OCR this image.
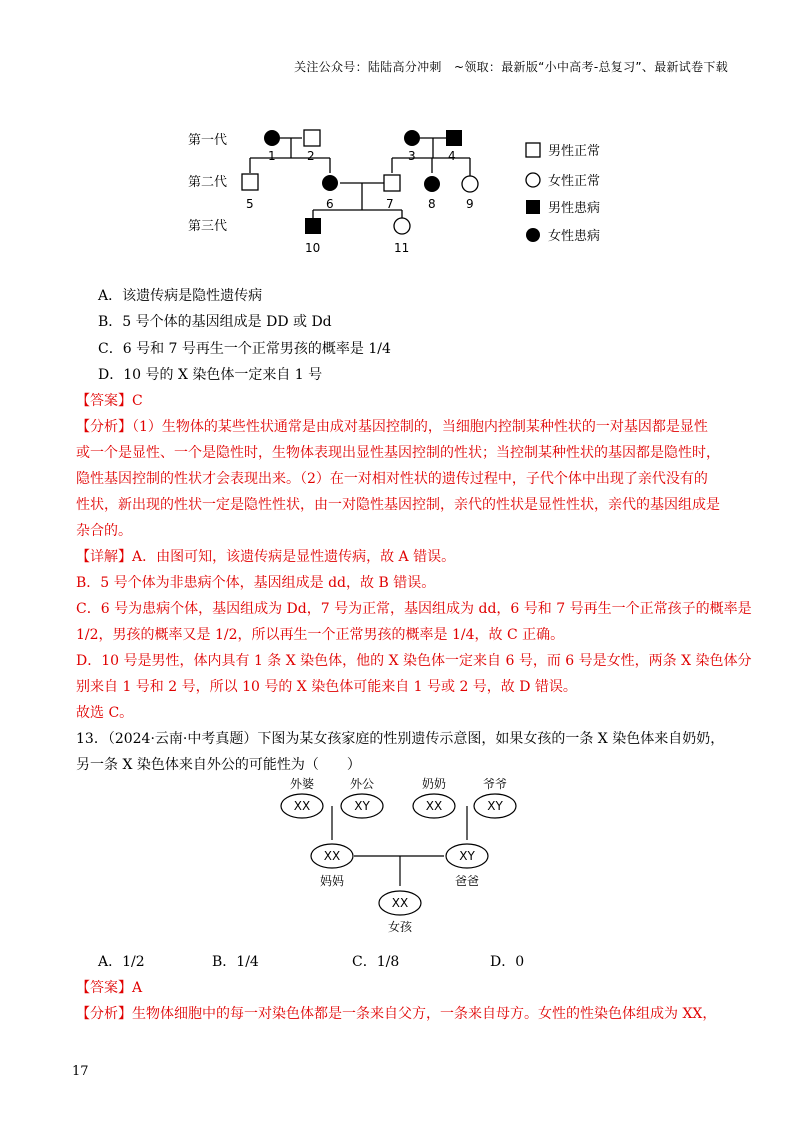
关注公众号：陆陆高分冲刺　~领取：最新版“小中高考-总复习”、最新试卷下载
第一代
第二代
第三代
1	2	3	4
5	6	7	8	9
10	11
男性正常
女性正常
男性患病
女性患病
A．该遗传病是隐性遗传病
B．5 号个体的基因组成是 DD 或 Dd
C．6 号和 7 号再生一个正常男孩的概率是 1/4
D．10 号的 X 染色体一定来自 1 号
【答案】C
【分析】（1）生物体的某些性状通常是由成对基因控制的，当细胞内控制某种性状的一对基因都是显性
或一个是显性、一个是隐性时，生物体表现出显性基因控制的性状；当控制某种性状的基因都是隐性时，
隐性基因控制的性状才会表现出来。（2）在一对相对性状的遗传过程中，子代个体中出现了亲代没有的
性状，新出现的性状一定是隐性性状，由一对隐性基因控制，亲代的性状是显性性状，亲代的基因组成是
杂合的。
【详解】A．由图可知，该遗传病是显性遗传病，故 A 错误。
B．5 号个体为非患病个体，基因组成是 dd，故 B 错误。
C．6 号为患病个体，基因组成为 Dd，7 号为正常，基因组成为 dd，6 号和 7 号再生一个正常孩子的概率是
1/2，男孩的概率又是 1/2，所以再生一个正常男孩的概率是 1/4，故 C 正确。
D．10 号是男性，体内具有 1 条 X 染色体，他的 X 染色体一定来自 6 号，而 6 号是女性，两条 X 染色体分
别来自 1 号和 2 号，所以 10 号的 X 染色体可能来自 1 号或 2 号，故 D 错误。
故选 C。
13．（2024·云南·中考真题）下图为某女孩家庭的性别遗传示意图，如果女孩的一条 X 染色体来自奶奶，
另一条 X 染色体来自外公的可能性为（　　）
外婆	外公	奶奶	爷爷
XX	XY	XX	XY
XX	XY
XX
妈妈	爸爸
女孩
A．1/2	B．1/4	C．1/8	D．0
【答案】A
【分析】生物体细胞中的每一对染色体都是一条来自父方，一条来自母方。女性的性染色体组成为 XX，
17
